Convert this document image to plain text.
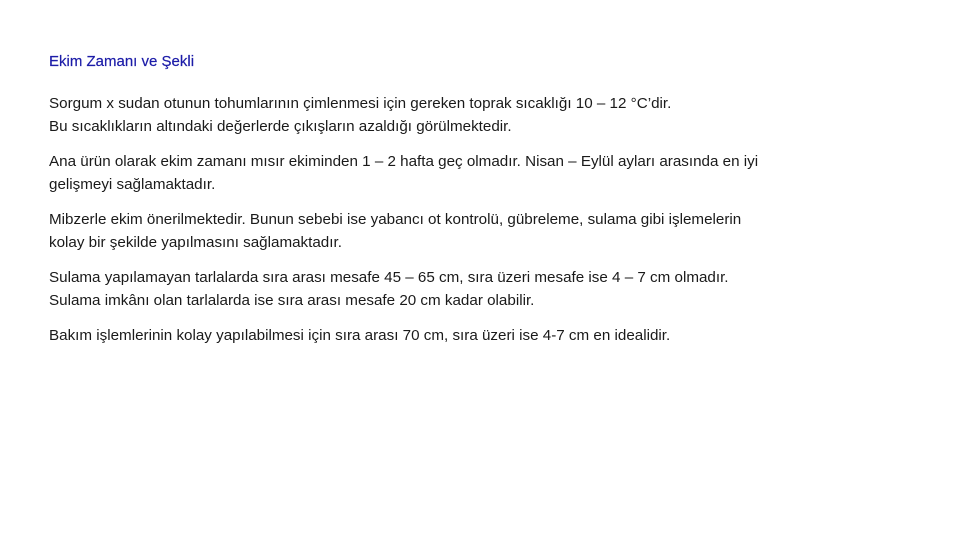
Ekim Zamanı ve Şekli

Sorgum x sudan otunun tohumlarının çimlenmesi için gereken toprak sıcaklığı 10 – 12 °C’dir.
Bu sıcaklıkların altındaki değerlerde çıkışların azaldığı görülmektedir.

Ana ürün olarak ekim zamanı mısır ekiminden 1 – 2 hafta geç olmadır. Nisan – Eylül ayları arasında en iyi
gelişmeyi sağlamaktadır.

Mibzerle ekim önerilmektedir. Bunun sebebi ise yabancı ot kontrolü, gübreleme, sulama gibi işlemelerin
kolay bir şekilde yapılmasını sağlamaktadır.

Sulama yapılamayan tarlalarda sıra arası mesafe 45 – 65 cm, sıra üzeri mesafe ise 4 – 7 cm olmadır.
Sulama imkânı olan tarlalarda ise sıra arası mesafe 20 cm kadar olabilir.

Bakım işlemlerinin kolay yapılabilmesi için sıra arası 70 cm, sıra üzeri ise 4-7 cm en idealidir.
